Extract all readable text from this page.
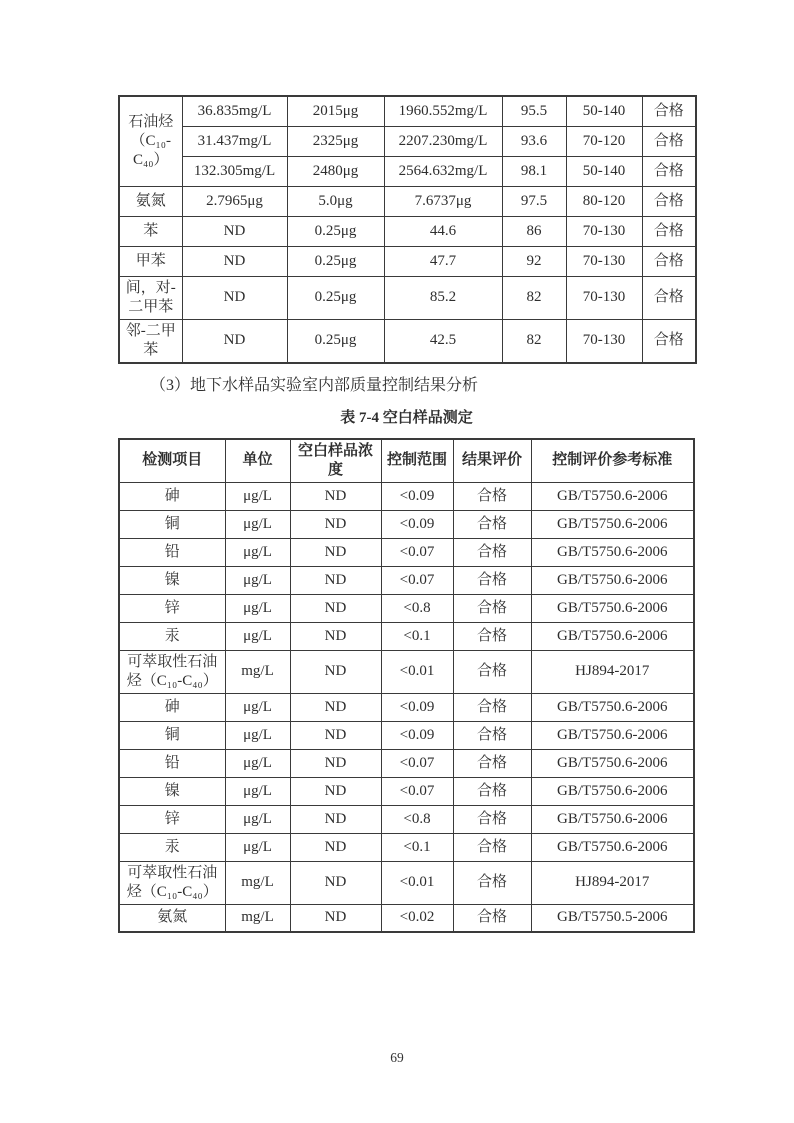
石油烃（C₁₀-C₄₀）	36.835mg/L	2015μg	1960.552mg/L	95.5	50-140	合格
	31.437mg/L	2325μg	2207.230mg/L	93.6	70-120	合格
	132.305mg/L	2480μg	2564.632mg/L	98.1	50-140	合格
氨氮	2.7965μg	5.0μg	7.6737μg	97.5	80-120	合格
苯	ND	0.25μg	44.6	86	70-130	合格
甲苯	ND	0.25μg	47.7	92	70-130	合格
间，对-二甲苯	ND	0.25μg	85.2	82	70-130	合格
邻-二甲苯	ND	0.25μg	42.5	82	70-130	合格

（3）地下水样品实验室内部质量控制结果分析

表 7-4 空白样品测定

检测项目	单位	空白样品浓度	控制范围	结果评价	控制评价参考标准
砷	μg/L	ND	<0.09	合格	GB/T5750.6-2006
铜	μg/L	ND	<0.09	合格	GB/T5750.6-2006
铅	μg/L	ND	<0.07	合格	GB/T5750.6-2006
镍	μg/L	ND	<0.07	合格	GB/T5750.6-2006
锌	μg/L	ND	<0.8	合格	GB/T5750.6-2006
汞	μg/L	ND	<0.1	合格	GB/T5750.6-2006
可萃取性石油烃（C₁₀-C₄₀）	mg/L	ND	<0.01	合格	HJ894-2017
砷	μg/L	ND	<0.09	合格	GB/T5750.6-2006
铜	μg/L	ND	<0.09	合格	GB/T5750.6-2006
铅	μg/L	ND	<0.07	合格	GB/T5750.6-2006
镍	μg/L	ND	<0.07	合格	GB/T5750.6-2006
锌	μg/L	ND	<0.8	合格	GB/T5750.6-2006
汞	μg/L	ND	<0.1	合格	GB/T5750.6-2006
可萃取性石油烃（C₁₀-C₄₀）	mg/L	ND	<0.01	合格	HJ894-2017
氨氮	mg/L	ND	<0.02	合格	GB/T5750.5-2006
69
